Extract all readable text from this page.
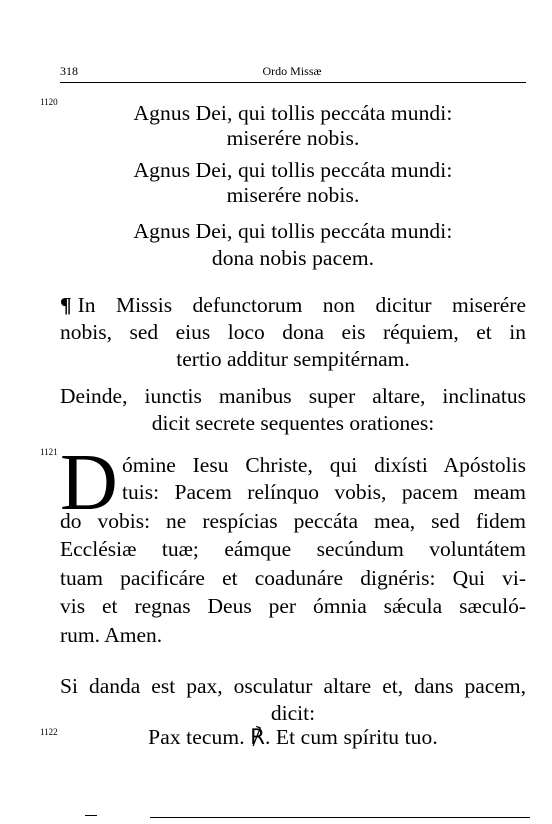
318	Ordo Missæ
1120	Agnus Dei, qui tollis peccáta mundi:
miserére nobis.
Agnus Dei, qui tollis peccáta mundi:
miserére nobis.
Agnus Dei, qui tollis peccáta mundi:
dona nobis pacem.
¶ In Missis defunctorum non dicitur miserére
nobis, sed eius loco dona eis réquiem, et in
tertio additur sempitérnam.
Deinde, iunctis manibus super altare, inclinatus
dicit secrete sequentes orationes:
1121 D ómine Iesu Christe, qui dixísti Apóstolis
tuis: Pacem relínquo vobis, pacem meam
do vobis: ne respícias peccáta mea, sed fidem
Ecclésiæ tuæ; eámque secúndum voluntátem
tuam pacificáre et coadunáre dignéris: Qui vi-
vis et regnas Deus per ómnia sǽcula sæculó-
rum. Amen.
Si danda est pax, osculatur altare et, dans pacem,
dicit:
1122	Pax tecum. ℟. Et cum spíritu tuo.
